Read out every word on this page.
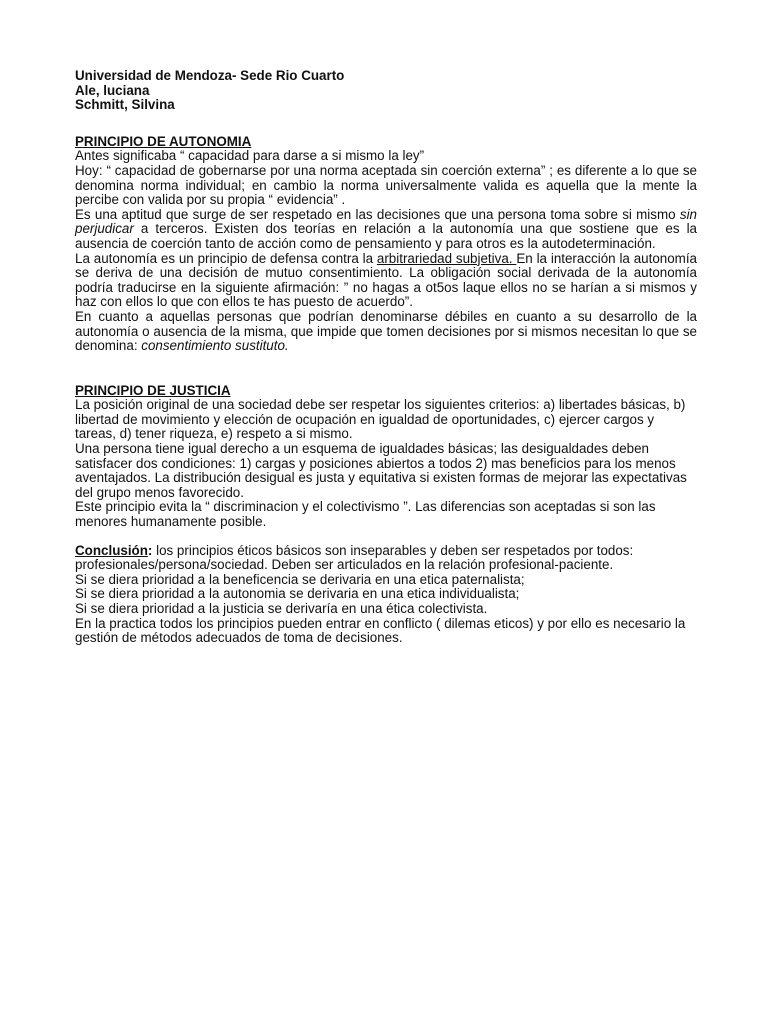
Universidad de Mendoza- Sede Rio Cuarto

Ale, luciana

Schmitt, Silvina

PRINCIPIO DE AUTONOMIA

Antes significaba “ capacidad para darse a si mismo la ley”

Hoy: “ capacidad de gobernarse por una norma aceptada sin coerción externa” ; es diferente a lo que se denomina norma individual; en cambio la norma universalmente valida es aquella que la mente la percibe con valida por su propia “ evidencia” .

Es una aptitud que surge de ser respetado en las decisiones que una persona toma sobre si mismo sin perjudicar a terceros. Existen dos teorías en relación a la autonomía una que sostiene que es la ausencia de coerción tanto de acción como de pensamiento y para otros es la autodeterminación.

La autonomía es un principio de defensa contra la arbitrariedad subjetiva. En la interacción la autonomía se deriva de una decisión de mutuo consentimiento. La obligación social derivada de la autonomía podría traducirse en la siguiente afirmación: ” no hagas a ot5os laque ellos no se harían a si mismos y haz con ellos lo que con ellos te has puesto de acuerdo”.

En cuanto a aquellas personas que podrían denominarse débiles en cuanto a su desarrollo de la autonomía o ausencia de la misma, que impide que tomen decisiones por si mismos necesitan lo que se denomina: consentimiento sustituto.

PRINCIPIO DE JUSTICIA

La posición original de una sociedad debe ser respetar los siguientes criterios: a) libertades básicas, b) libertad de movimiento y elección de ocupación en igualdad de oportunidades, c) ejercer cargos y tareas, d) tener riqueza, e) respeto a si mismo.

Una persona tiene igual derecho a un esquema de igualdades básicas; las desigualdades deben satisfacer dos condiciones: 1) cargas y posiciones abiertos a todos 2) mas beneficios para los menos aventajados. La distribución desigual es justa y equitativa si existen formas de mejorar las expectativas del grupo menos favorecido.

Este principio evita la “ discriminacion y el colectivismo ”. Las diferencias son aceptadas si son las menores humanamente posible.

Conclusión: los principios éticos básicos son inseparables y deben ser respetados por todos: profesionales/persona/sociedad. Deben ser articulados en la relación profesional-paciente.

Si se diera prioridad a la beneficencia se derivaria en una etica paternalista;

Si se diera prioridad a la autonomia se derivaria en una etica individualista;

Si se diera prioridad a la justicia se derivaría en una ética colectivista.

En la practica todos los principios pueden entrar en conflicto ( dilemas eticos) y por ello es necesario la gestión de métodos adecuados de toma de decisiones.
